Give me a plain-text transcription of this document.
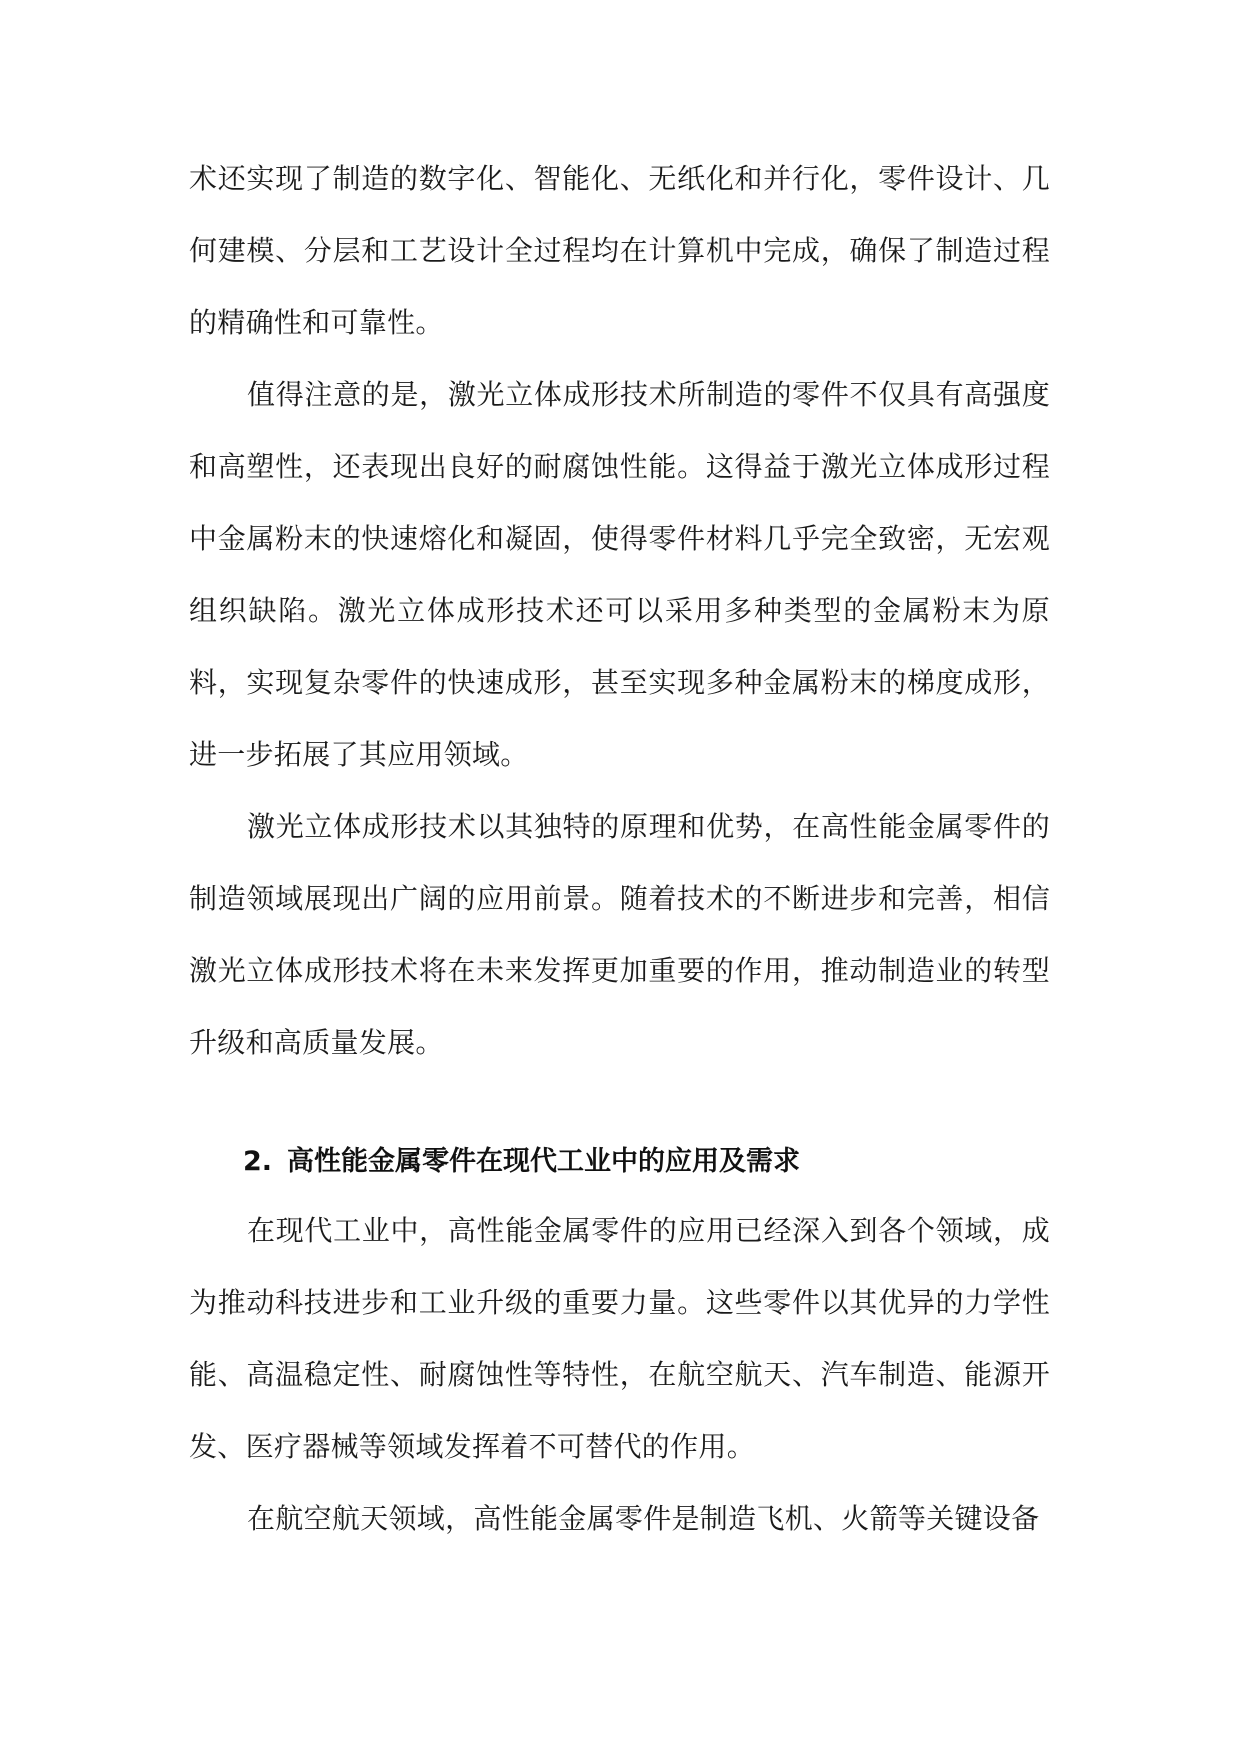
术还实现了制造的数字化、智能化、无纸化和并行化，零件设计、几何建模、分层和工艺设计全过程均在计算机中完成，确保了制造过程的精确性和可靠性。

值得注意的是，激光立体成形技术所制造的零件不仅具有高强度和高塑性，还表现出良好的耐腐蚀性能。这得益于激光立体成形过程中金属粉末的快速熔化和凝固，使得零件材料几乎完全致密，无宏观组织缺陷。激光立体成形技术还可以采用多种类型的金属粉末为原料，实现复杂零件的快速成形，甚至实现多种金属粉末的梯度成形，进一步拓展了其应用领域。

激光立体成形技术以其独特的原理和优势，在高性能金属零件的制造领域展现出广阔的应用前景。随着技术的不断进步和完善，相信激光立体成形技术将在未来发挥更加重要的作用，推动制造业的转型升级和高质量发展。

2. 高性能金属零件在现代工业中的应用及需求

在现代工业中，高性能金属零件的应用已经深入到各个领域，成为推动科技进步和工业升级的重要力量。这些零件以其优异的力学性能、高温稳定性、耐腐蚀性等特性，在航空航天、汽车制造、能源开发、医疗器械等领域发挥着不可替代的作用。

在航空航天领域，高性能金属零件是制造飞机、火箭等关键设备
